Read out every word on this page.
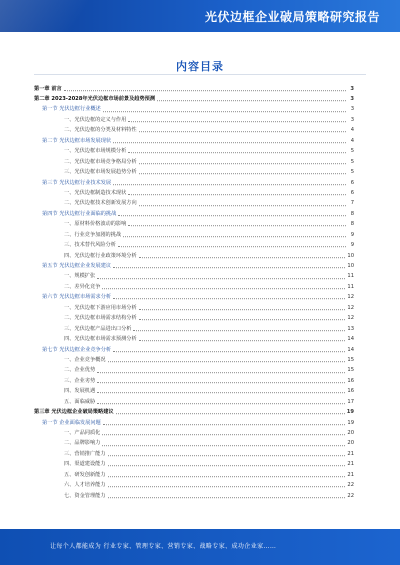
光伏边框企业破局策略研究报告
内容目录
第一章 前言	3
第二章 2023-2028年光伏边框市场前景及趋势预测	3
第一节 光伏边框行业概述	3
一、光伏边框的定义与作用	3
二、光伏边框的分类及材料特性	4
第二节 光伏边框市场发展现状	4
一、光伏边框市场规模分析	5
二、光伏边框市场竞争格局分析	5
三、光伏边框市场发展趋势分析	5
第三节 光伏边框行业技术发展	6
一、光伏边框制造技术现状	6
二、光伏边框技术创新发展方向	7
第四节 光伏边框行业面临的挑战	8
一、原材料价格波动的影响	8
二、行业竞争加剧的挑战	9
三、技术替代风险分析	9
四、光伏边框行业政策环境分析	10
第五节 光伏边框企业发展建议	10
一、规模扩张	11
二、差异化竞争	11
第六节 光伏边框市场需求分析	12
一、光伏边框下游应用市场分析	12
二、光伏边框市场需求结构分析	12
三、光伏边框产品进出口分析	13
四、光伏边框市场需求预测分析	14
第七节 光伏边框企业竞争分析	14
一、企业竞争概况	15
二、企业优势	15
三、企业劣势	16
四、发展机遇	16
五、面临威胁	17
第三章 光伏边框企业破局策略建议	19
第一节 企业面临发展问题	19
一、产品同质化	20
二、品牌影响力	20
三、营销推广能力	21
四、渠道建设能力	21
五、研发创新能力	21
六、人才培养能力	22
七、资金管理能力	22
让每个人都能成为 行业专家、管理专家、营销专家、战略专家、成功企业家……
